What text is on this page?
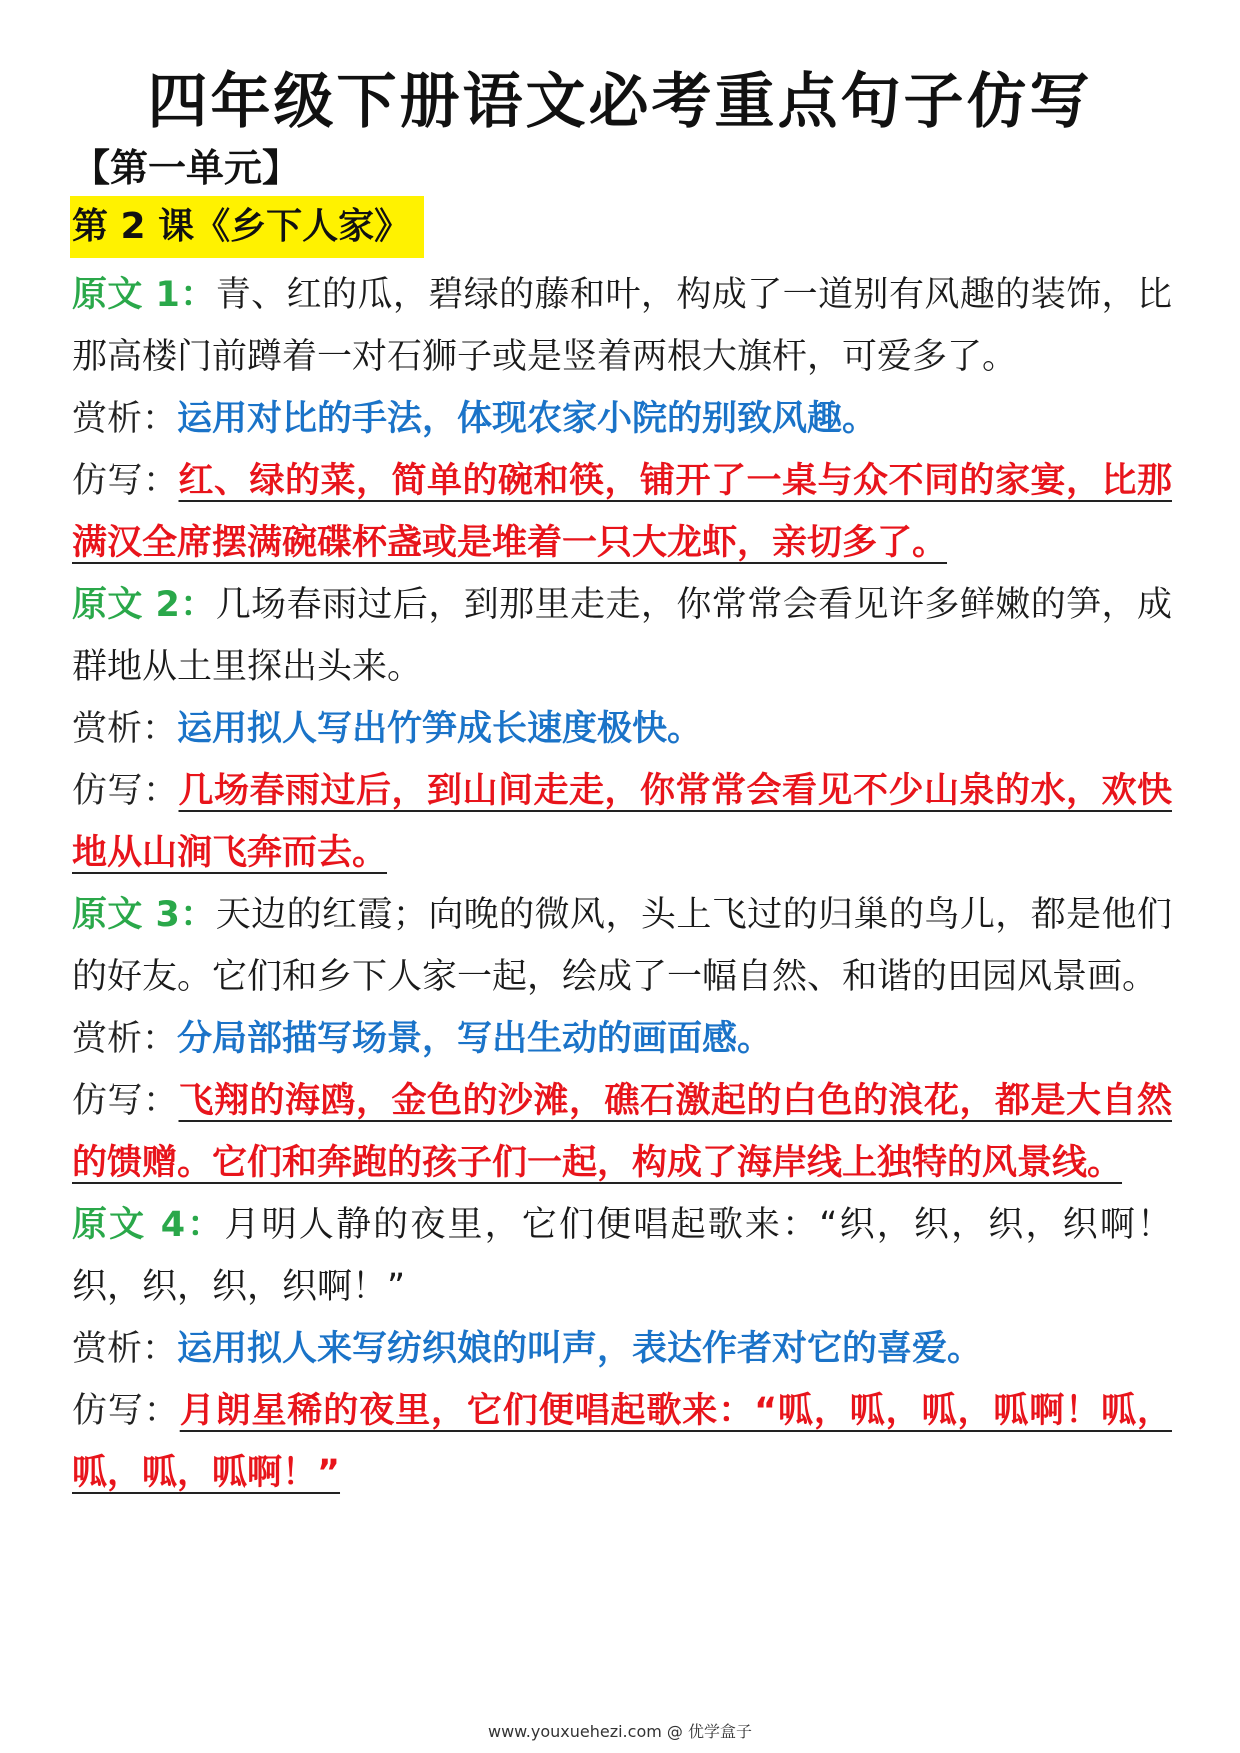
四年级下册语文必考重点句子仿写
【第一单元】
第 2 课《乡下人家》

原文 1：青、红的瓜，碧绿的藤和叶，构成了一道别有风趣的装饰，比那高楼门前蹲着一对石狮子或是竖着两根大旗杆，可爱多了。

赏析：运用对比的手法，体现农家小院的别致风趣。

仿写：红、绿的菜，简单的碗和筷，铺开了一桌与众不同的家宴，比那满汉全席摆满碗碟杯盏或是堆着一只大龙虾，亲切多了。

原文 2：几场春雨过后，到那里走走，你常常会看见许多鲜嫩的笋，成群地从土里探出头来。

赏析：运用拟人写出竹笋成长速度极快。

仿写：几场春雨过后，到山间走走，你常常会看见不少山泉的水，欢快地从山涧飞奔而去。

原文 3：天边的红霞；向晚的微风，头上飞过的归巢的鸟儿，都是他们的好友。它们和乡下人家一起，绘成了一幅自然、和谐的田园风景画。

赏析：分局部描写场景，写出生动的画面感。

仿写：飞翔的海鸥，金色的沙滩，礁石激起的白色的浪花，都是大自然的馈赠。它们和奔跑的孩子们一起，构成了海岸线上独特的风景线。

原文 4：月明人静的夜里，它们便唱起歌来：“织，织，织，织啊！织，织，织，织啊！”

赏析：运用拟人来写纺织娘的叫声，表达作者对它的喜爱。

仿写：月朗星稀的夜里，它们便唱起歌来：“呱，呱，呱，呱啊！呱，呱，呱，呱啊！”

www.youxuehezi.com @ 优学盒子
